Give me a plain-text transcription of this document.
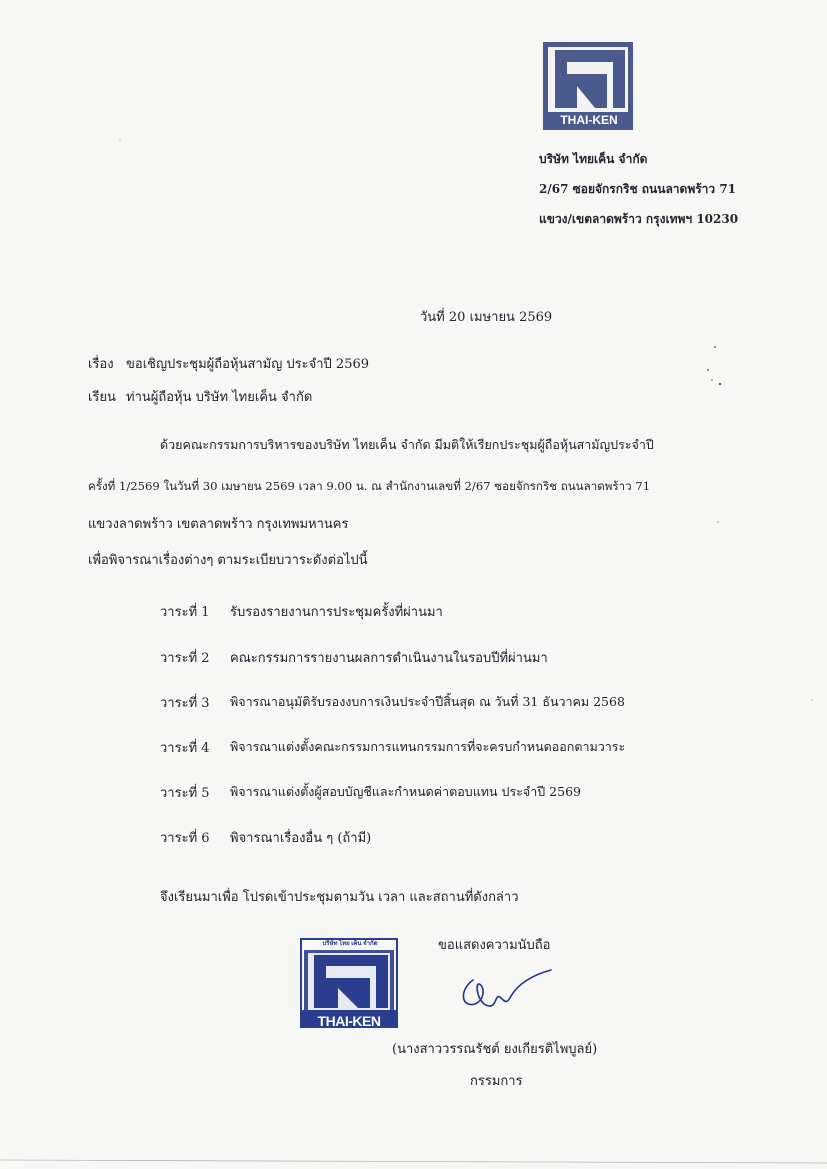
THAI-KEN
บริษัท ไทยเค็น จำกัด
2/67 ซอยจักรกริช ถนนลาดพร้าว 71
แขวง/เขตลาดพร้าว กรุงเทพฯ 10230
วันที่ 20 เมษายน 2569
เรื่อง ขอเชิญประชุมผู้ถือหุ้นสามัญ ประจำปี 2569
เรียน ท่านผู้ถือหุ้น บริษัท ไทยเค็น จำกัด
ด้วยคณะกรรมการบริหารของบริษัท ไทยเค็น จำกัด มีมติให้เรียกประชุมผู้ถือหุ้นสามัญประจำปี
ครั้งที่ 1/2569 ในวันที่ 30 เมษายน 2569 เวลา 9.00 น. ณ สำนักงานเลขที่ 2/67 ซอยจักรกริช ถนนลาดพร้าว 71
แขวงลาดพร้าว เขตลาดพร้าว กรุงเทพมหานคร
เพื่อพิจารณาเรื่องต่างๆ ตามระเบียบวาระดังต่อไปนี้
วาระที่ 1 รับรองรายงานการประชุมครั้งที่ผ่านมา
วาระที่ 2 คณะกรรมการรายงานผลการดำเนินงานในรอบปีที่ผ่านมา
วาระที่ 3 พิจารณาอนุมัติรับรองงบการเงินประจำปีสิ้นสุด ณ วันที่ 31 ธันวาคม 2568
วาระที่ 4 พิจารณาแต่งตั้งคณะกรรมการแทนกรรมการที่จะครบกำหนดออกตามวาระ
วาระที่ 5 พิจารณาแต่งตั้งผู้สอบบัญชีและกำหนดค่าตอบแทน ประจำปี 2569
วาระที่ 6 พิจารณาเรื่องอื่น ๆ (ถ้ามี)
จึงเรียนมาเพื่อ โปรดเข้าประชุมตามวัน เวลา และสถานที่ดังกล่าว
ขอแสดงความนับถือ
บริษัท ไทย เค็น จำกัด
THAI-KEN
(นางสาววรรณรัชต์ ยงเกียรติไพบูลย์)
กรรมการ
